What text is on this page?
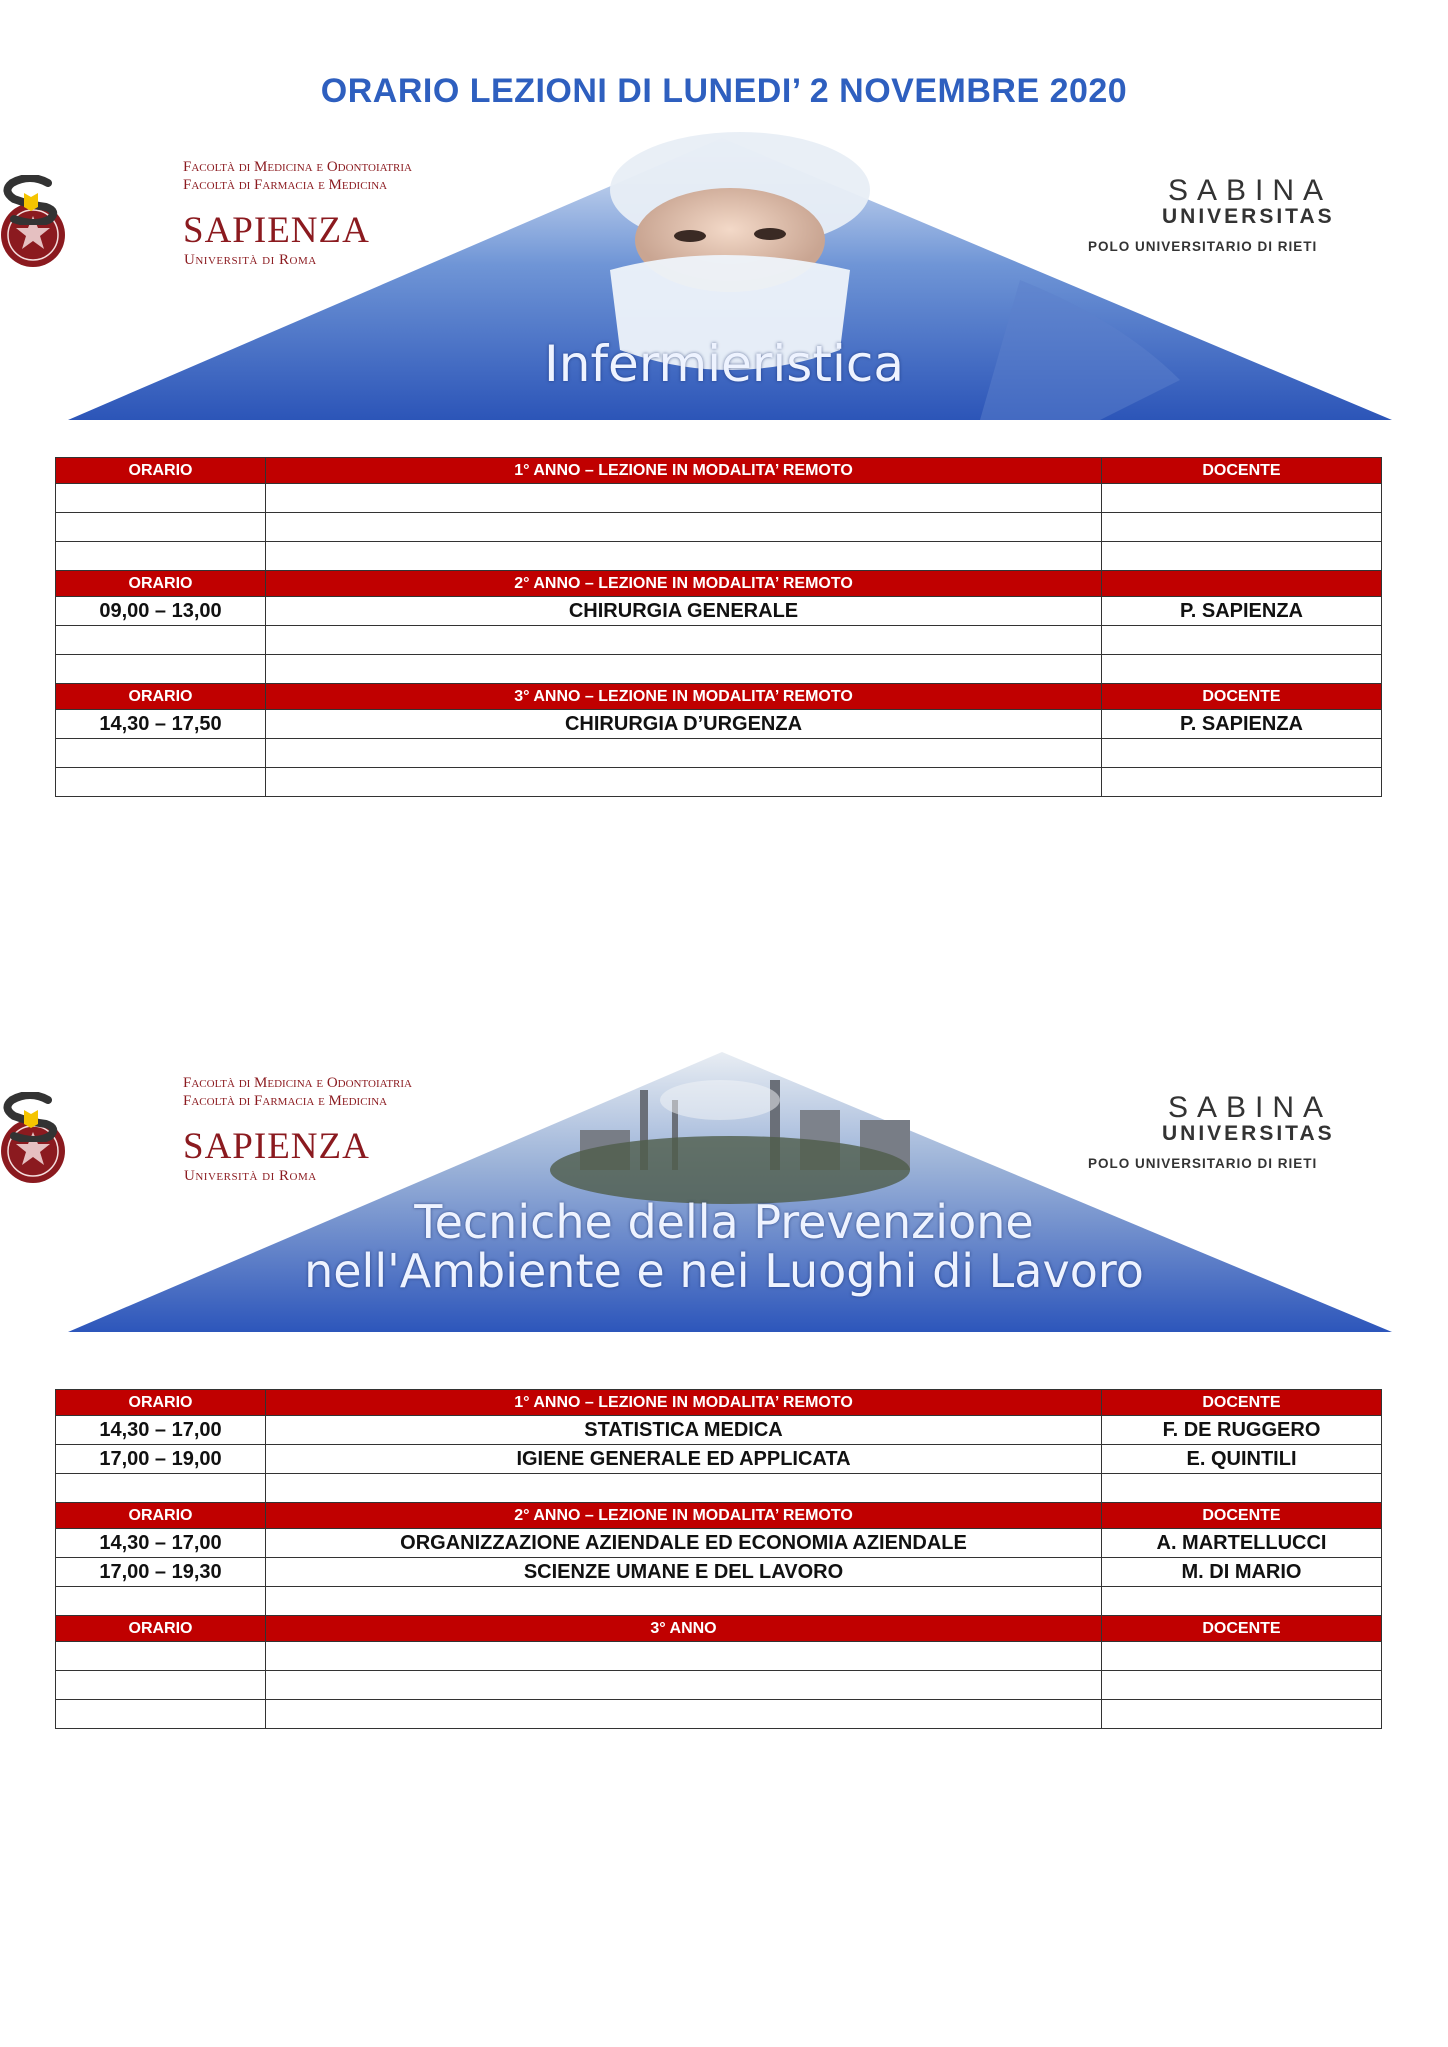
ORARIO LEZIONI DI LUNEDI’ 2 NOVEMBRE 2020
Facoltà di Medicina e Odontoiatria
Facoltà di Farmacia e Medicina
SAPIENZA
Università di Roma
SABINA
UNIVERSITAS
POLO UNIVERSITARIO DI RIETI
Infermieristica
ORARIO	1° ANNO – LEZIONE IN MODALITA’ REMOTO	DOCENTE

ORARIO	2° ANNO – LEZIONE IN MODALITA’ REMOTO	
09,00 – 13,00	CHIRURGIA GENERALE	P. SAPIENZA

ORARIO	3° ANNO – LEZIONE IN MODALITA’ REMOTO	DOCENTE
14,30 – 17,50	CHIRURGIA D’URGENZA	P. SAPIENZA

Facoltà di Medicina e Odontoiatria
Facoltà di Farmacia e Medicina
SAPIENZA
Università di Roma
SABINA
UNIVERSITAS
POLO UNIVERSITARIO DI RIETI
Tecniche della Prevenzione
nell'Ambiente e nei Luoghi di Lavoro
ORARIO	1° ANNO – LEZIONE IN MODALITA’ REMOTO	DOCENTE
14,30 – 17,00	STATISTICA MEDICA	F. DE RUGGERO
17,00 – 19,00	IGIENE GENERALE ED APPLICATA	E. QUINTILI

ORARIO	2° ANNO – LEZIONE IN MODALITA’ REMOTO	DOCENTE
14,30 – 17,00	ORGANIZZAZIONE AZIENDALE ED ECONOMIA AZIENDALE	A. MARTELLUCCI
17,00 – 19,30	SCIENZE UMANE E DEL LAVORO	M. DI MARIO

ORARIO	3° ANNO	DOCENTE
